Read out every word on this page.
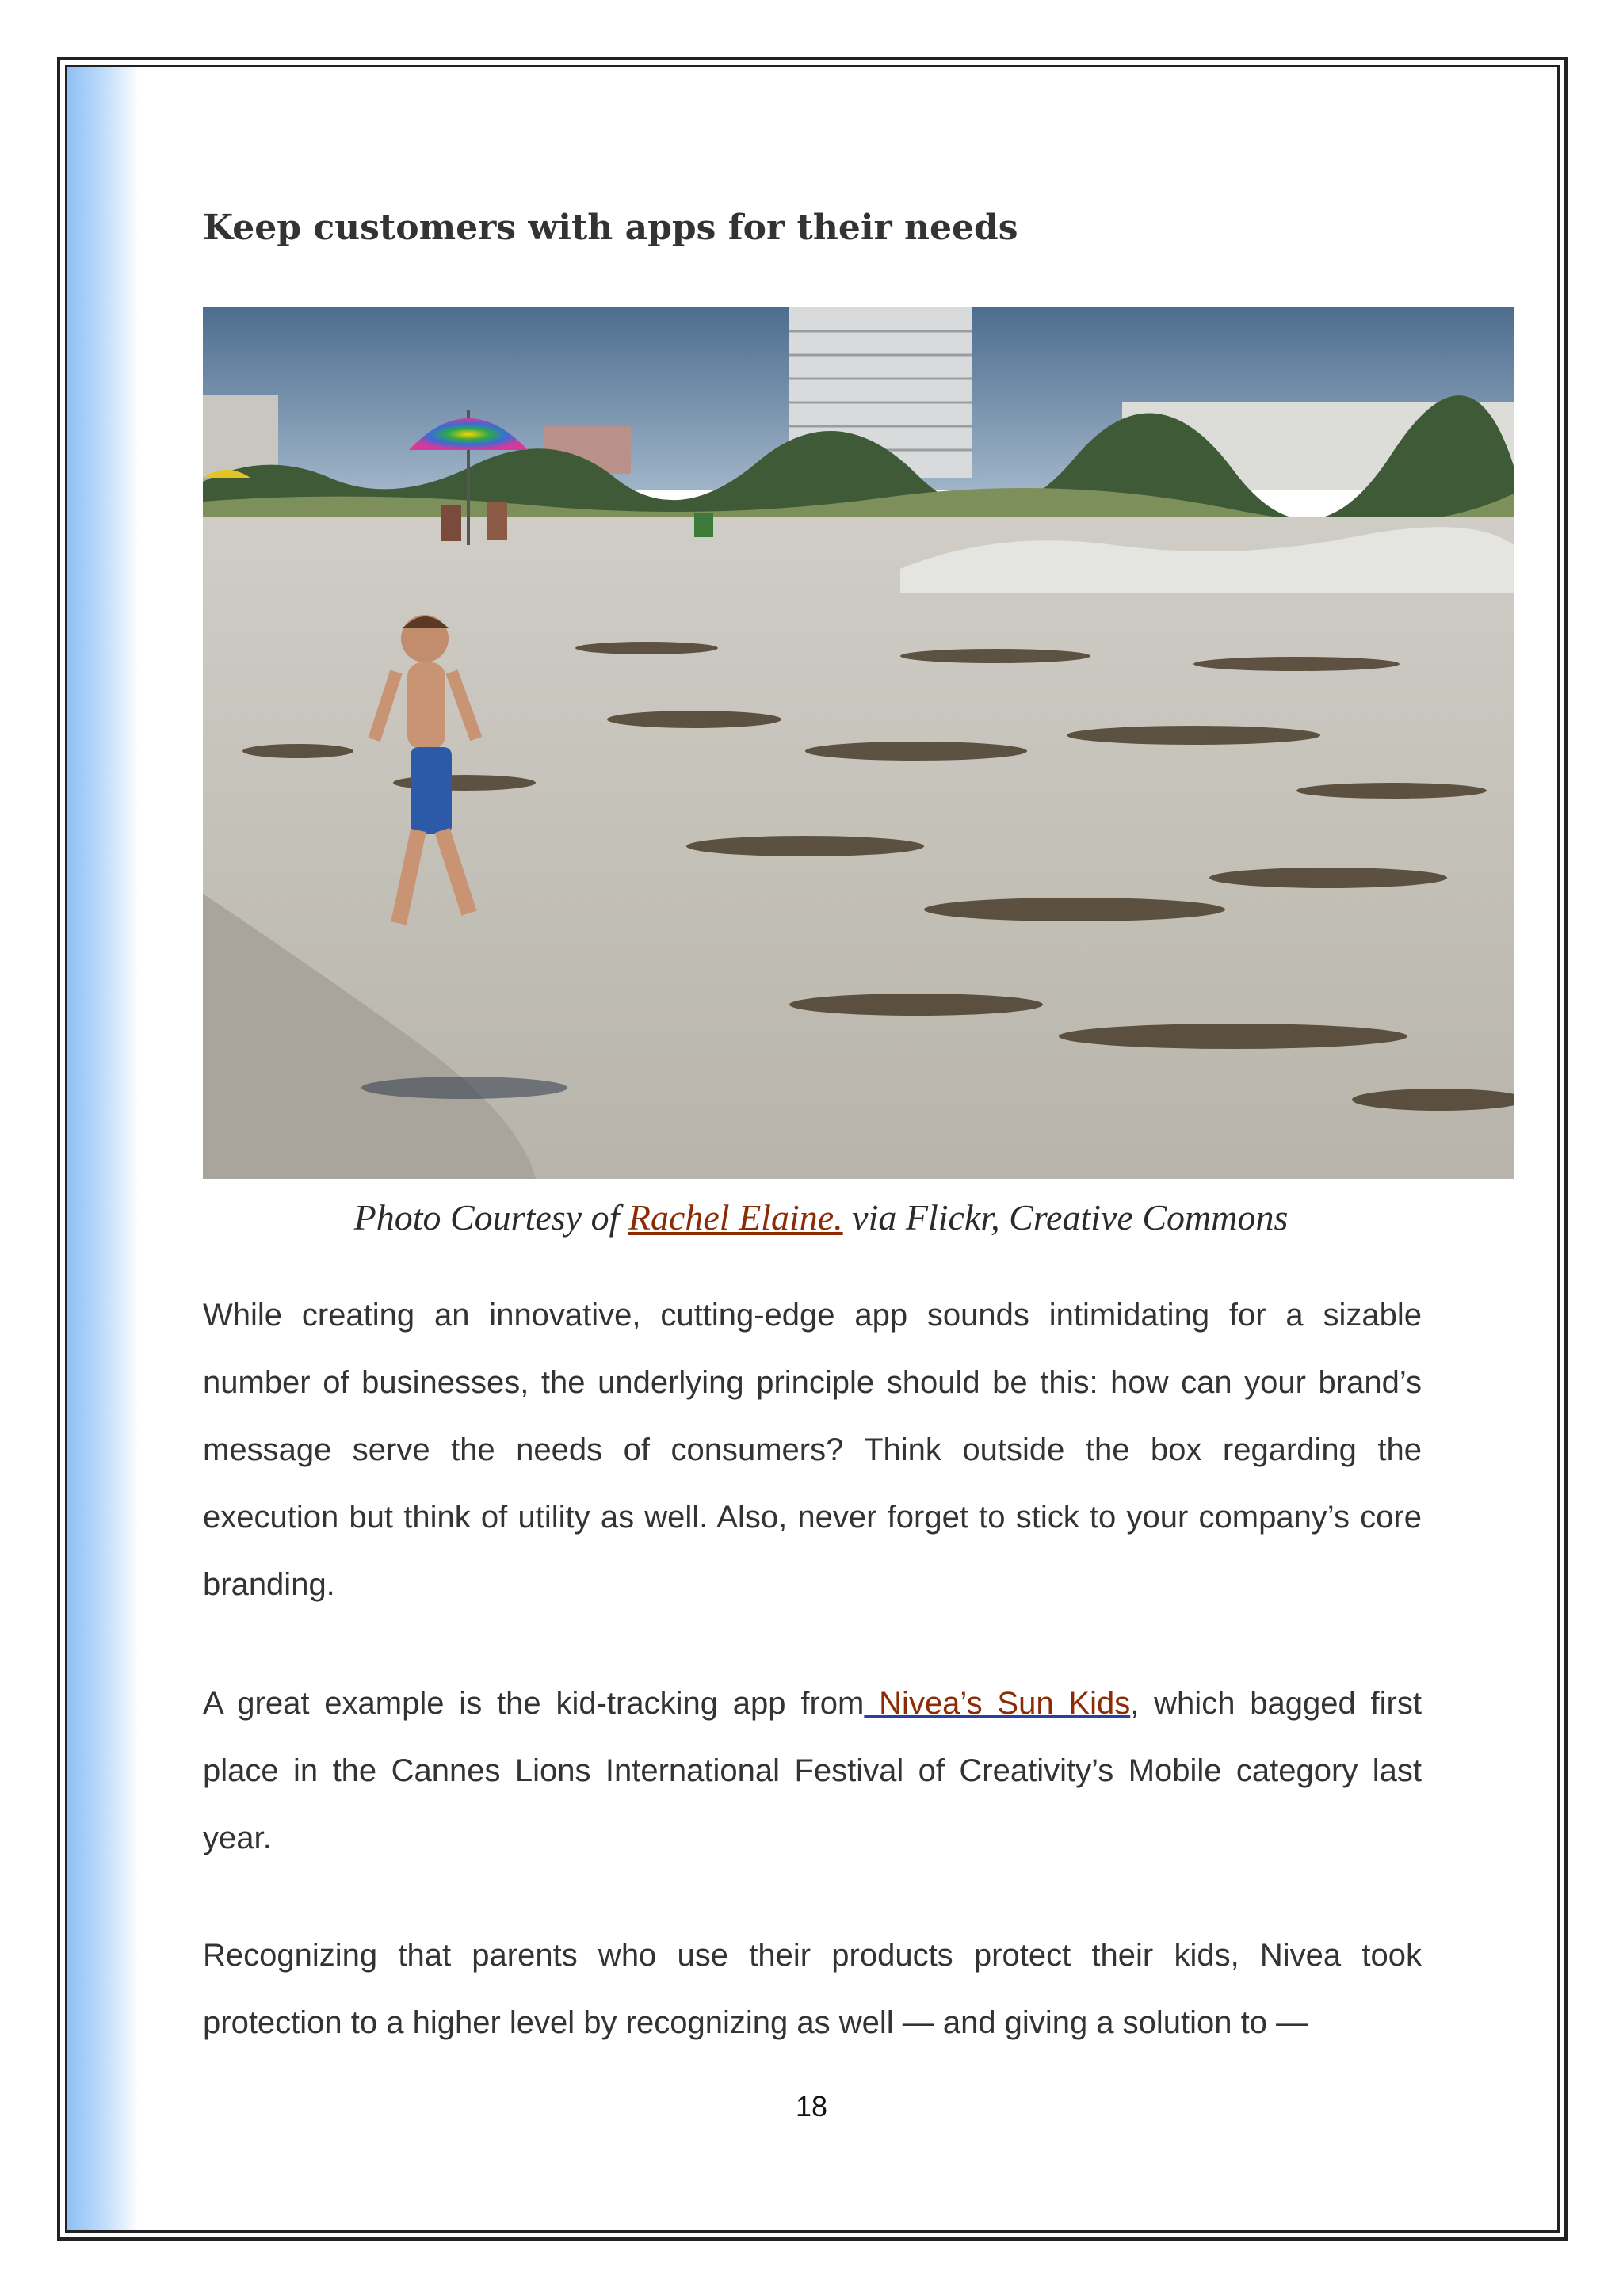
Keep customers with apps for their needs
Photo Courtesy of Rachel Elaine. via Flickr, Creative Commons

While creating an innovative, cutting-edge app sounds intimidating for a sizable number of businesses, the underlying principle should be this: how can your brand’s message serve the needs of consumers? Think outside the box regarding the execution but think of utility as well. Also, never forget to stick to your company’s core branding.

A great example is the kid-tracking app from Nivea’s Sun Kids, which bagged first place in the Cannes Lions International Festival of Creativity’s Mobile category last year.

Recognizing that parents who use their products protect their kids, Nivea took protection to a higher level by recognizing as well — and giving a solution to —

18
